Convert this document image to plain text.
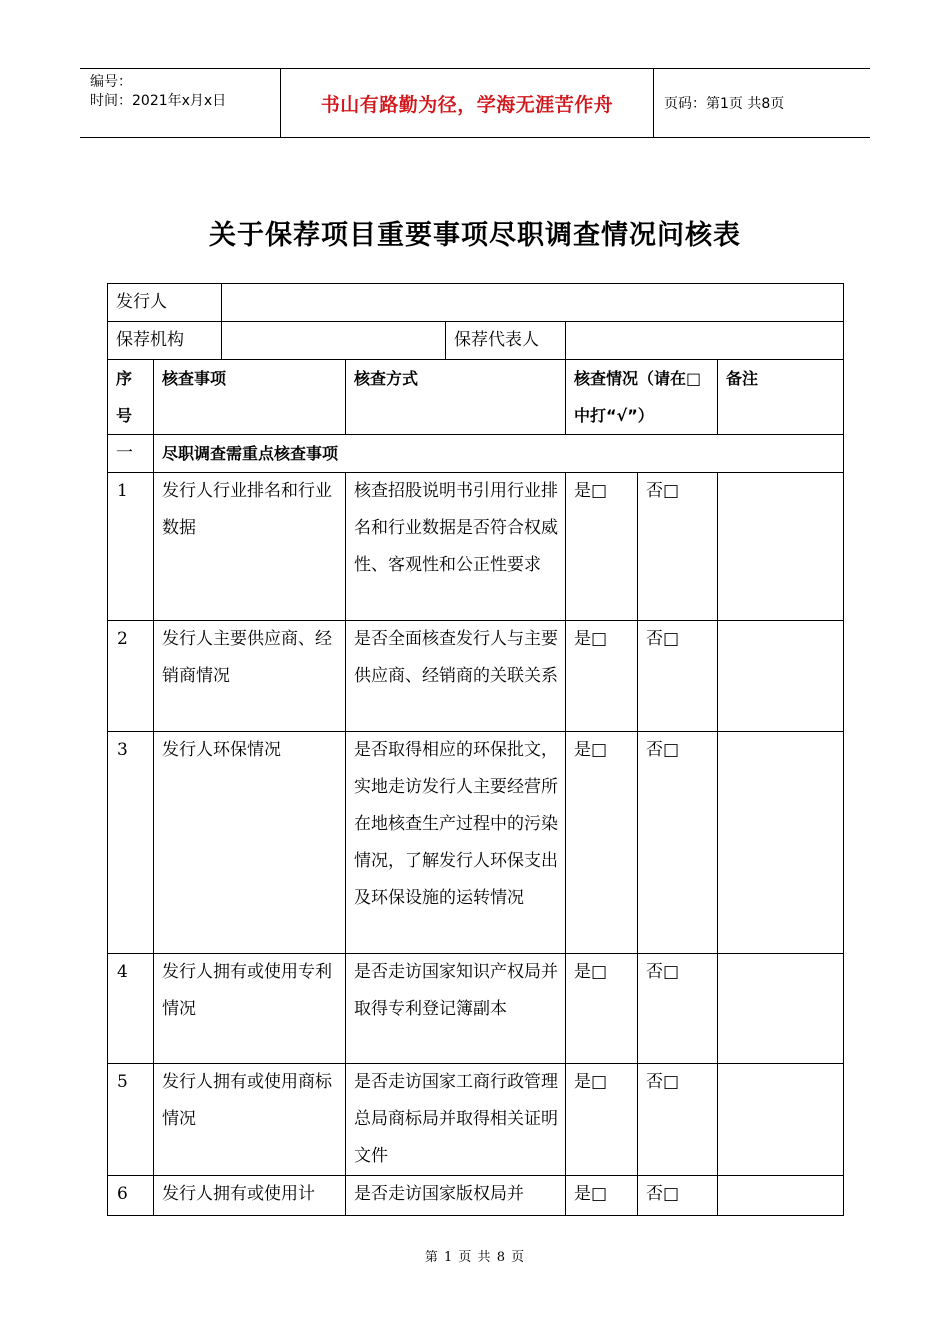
编号：
时间：2021年x月x日	书山有路勤为径，学海无涯苦作舟	页码：第1页 共8页
关于保荐项目重要事项尽职调查情况问核表
发行人							
保荐机构				保荐代表人			
序号	核查事项		核查方式		核查情况（请在□中打“√”）		备注
一	尽职调查需重点核查事项						
1	发行人行业排名和行业数据		核查招股说明书引用行业排名和行业数据是否符合权威性、客观性和公正性要求		是□	否□	
2	发行人主要供应商、经销商情况		是否全面核查发行人与主要供应商、经销商的关联关系		是□	否□	
3	发行人环保情况		是否取得相应的环保批文，实地走访发行人主要经营所在地核查生产过程中的污染情况，了解发行人环保支出及环保设施的运转情况		是□	否□	
4	发行人拥有或使用专利情况		是否走访国家知识产权局并取得专利登记簿副本		是□	否□	
5	发行人拥有或使用商标情况		是否走访国家工商行政管理总局商标局并取得相关证明文件		是□	否□	
6	发行人拥有或使用计		是否走访国家版权局并		是□	否□	
第 1 页 共 8 页
